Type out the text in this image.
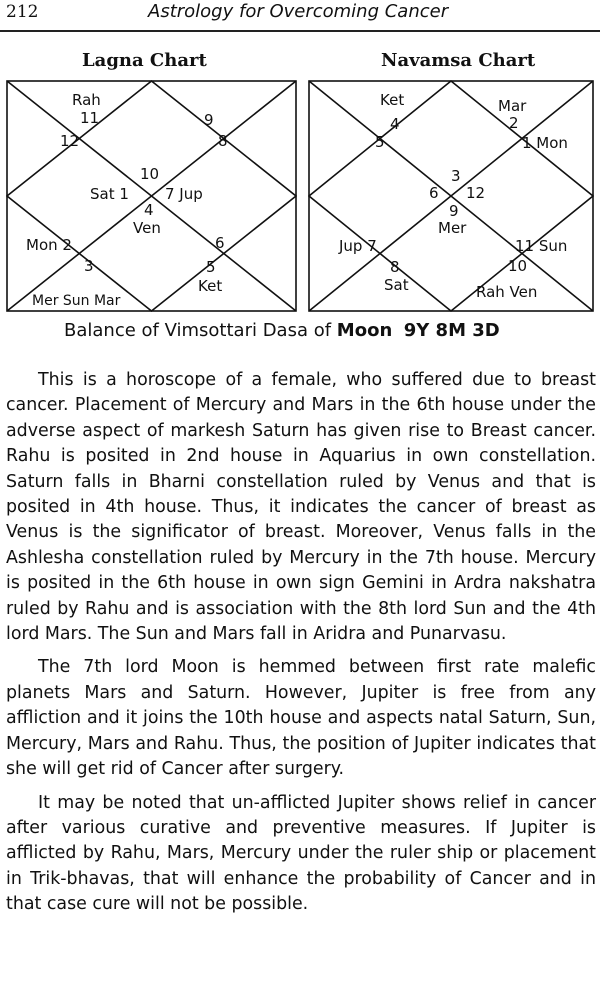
212	Astrology for Overcoming Cancer
Lagna Chart	Navamsa Chart
Rah
11
12
9
8
10
Sat 1 7 Jup
4
Ven
Mon 2	6
3	5
Ket
Mer Sun Mar
Ket
4
5
Mar
2
1 Mon
3
6 12
9
Mer
Jup 7	11 Sun
8
Sat
10
Rah Ven
Balance of Vimsottari Dasa of Moon 9Y 8M 3D

This is a horoscope of a female, who suffered due to breast cancer. Placement of Mercury and Mars in the 6th house under the adverse aspect of markesh Saturn has given rise to Breast cancer. Rahu is posited in 2nd house in Aquarius in own constellation. Saturn falls in Bharni constellation ruled by Venus and that is posited in 4th house. Thus, it indicates the cancer of breast as Venus is the significator of breast. Moreover, Venus falls in the Ashlesha constellation ruled by Mercury in the 7th house. Mercury is posited in the 6th house in own sign Gemini in Ardra nakshatra ruled by Rahu and is association with the 8th lord Sun and the 4th lord Mars. The Sun and Mars fall in Aridra and Punarvasu.

The 7th lord Moon is hemmed between first rate malefic planets Mars and Saturn. However, Jupiter is free from any affliction and it joins the 10th house and aspects natal Saturn, Sun, Mercury, Mars and Rahu. Thus, the position of Jupiter indicates that she will get rid of Cancer after surgery.

It may be noted that un-afflicted Jupiter shows relief in cancer after various curative and preventive measures. If Jupiter is afflicted by Rahu, Mars, Mercury under the ruler ship or placement in Trik-bhavas, that will enhance the probability of Cancer and in that case cure will not be possible.
